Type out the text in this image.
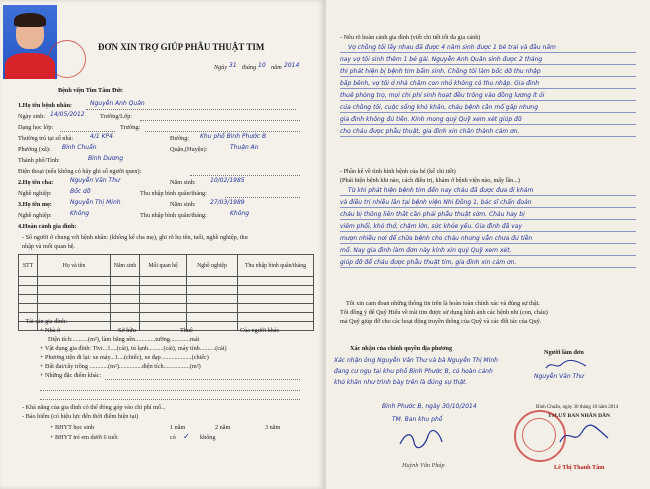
ĐƠN XIN TRỢ GIÚP PHẪU THUẬT TIM
Ngày 31 tháng 10 năm 2014
Bệnh viện Tim Tâm Đức
1.Họ tên bệnh nhân:	Nguyễn Anh Quân
Ngày sinh: 14/05/2012 Trường/Lớp:
Dạng học lớp:	Trường:
Thường trú tại số nhà:	4/1 KP4	Đường: Khu phố Bình Phước B
Phường (xã): Bình Chuẩn	Quận,(Huyện):	Thuận An
Thành phố/Tỉnh:	Bình Dương
Điện thoại (nếu không có hãy ghi số người quen):
2.Họ tên cha:	Nguyễn Văn Thư	Năm sinh: 10/02/1985
Nghề nghiệp:	Bốc dỡ	Thu nhập bình quân/tháng:
3.Họ tên mẹ:	Nguyễn Thị Minh	Năm sinh: 27/03/1989
Nghề nghiệp:	Không	Thu nhập bình quân/tháng:	Không
4.Hoàn cảnh gia đình:
- Số người ở chung với bệnh nhân: (không kể cha mẹ), ghi rõ họ tên, tuổi, nghề nghiệp, thu
nhập và mối quan hệ.
STT	Họ và tên	Năm sinh	Mối quan hệ	Nghề nghiệp	Thu nhập bình quân/tháng

- Tài sản gia đình:
+ Nhà ở	Sở hữu	Thuê	Của người khác
Diện tích:..........(m²), làm bằng nền.............tường.............mái
+ Vật dụng gia đình: Tivi...1....(cái), tủ lạnh..........(cái), máy tính..........(cái)
+ Phương tiện đi lại: xe máy...1....(chiếc), xe đạp ...................(chiếc)
+ Đất đai/cây trồng ............(m²)...............diện tích.................(m²)
+ Những đặc điểm khác:
- Khả năng của gia đình có thể đóng góp vào chi phí mổ...
- Bảo hiểm (có hiệu lực đến thời điểm hiện tại)
+ BHYT học sinh	1 năm	2 năm	3 năm
+ BHYT trẻ em dưới 6 tuổi	có	không
✓
- Nêu rõ hoàn cảnh gia đình (viết chi tiết tối đa gia cảnh)
Vợ chồng tôi lấy nhau đã được 4 năm sinh được 1 bé trai và đầu năm
nay vợ tôi sinh thêm 1 bé gái. Nguyễn Anh Quân sinh được 2 tháng
thì phát hiện bị bệnh tim bẩm sinh. Chồng tôi làm bốc dỡ thu nhập
bấp bênh, vợ tôi ở nhà chăm con nhỏ không có thu nhập. Gia đình
thuê phòng trọ, mọi chi phí sinh hoạt đều trông vào đồng lương ít ỏi
của chồng tôi, cuộc sống khó khăn, cháu bệnh cần mổ gấp nhưng
gia đình không đủ tiền. Kính mong quý Quỹ xem xét giúp đỡ
cho cháu được phẫu thuật, gia đình xin chân thành cảm ơn.
- Phần kể về tình hình bệnh của bé (kể chi tiết)
(Phát hiện bệnh khi nào, cách điều trị, khám ở bệnh viện nào, mấy lần...)
Từ khi phát hiện bệnh tim đến nay cháu đã được đưa đi khám
và điều trị nhiều lần tại bệnh viện Nhi Đồng 1, bác sĩ chẩn đoán
cháu bị thông liên thất cần phải phẫu thuật sớm. Cháu hay bị
viêm phổi, khó thở, chậm lớn, sức khỏe yếu. Gia đình đã vay
mượn nhiều nơi để chữa bệnh cho cháu nhưng vẫn chưa đủ tiền
mổ. Nay gia đình làm đơn này kính xin quý Quỹ xem xét,
giúp đỡ để cháu được phẫu thuật tim, gia đình xin cảm ơn.
Tôi xin cam đoan những thông tin trên là hoàn toàn chính xác và đúng sự thật.
Tôi đồng ý để Quỹ Hiểu về trái tim được sử dụng hình ảnh các bệnh nhi (con, cháu)
mà Quỹ giúp đỡ cho các hoạt động truyền thông của Quỹ và các đối tác của Quỹ.
Xác nhận của chính quyền địa phương
Xác nhận ông Nguyễn Văn Thư và bà Nguyễn Thị Minh
đang cư ngụ tại khu phố Bình Phước B, có hoàn cảnh
khó khăn như trình bày trên là đúng sự thật.
Bình Phước B, ngày 30/10/2014
TM. Ban khu phố
Huỳnh Văn Pháp
Người làm đơn
Nguyễn Văn Thư
Bình Chuẩn, ngày 30 tháng 10 năm 2014
TM.UỶ BAN NHÂN DÂN
Lê Thị Thanh Tâm
